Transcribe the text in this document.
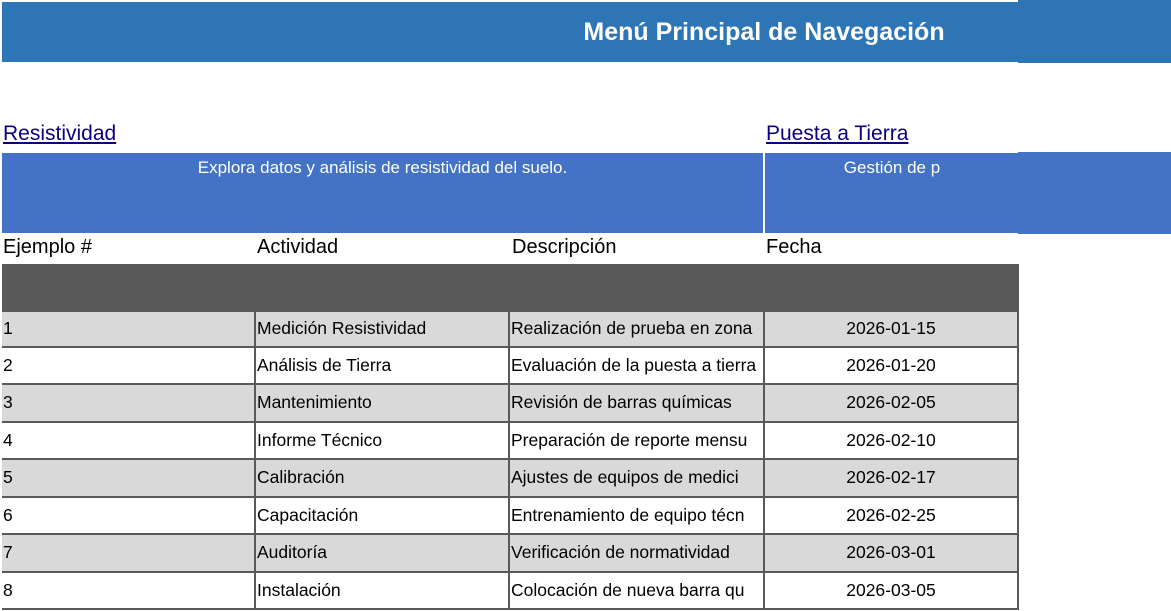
Menú Principal de Navegación
Resistividad	Puesta a Tierra
Explora datos y análisis de resistividad del suelo.	Gestión de p
Ejemplo #	Actividad	Descripción	Fecha
1	Medición Resistividad	Realización de prueba en zona	2026-01-15
2	Análisis de Tierra	Evaluación de la puesta a tierra	2026-01-20
3	Mantenimiento	Revisión de barras químicas	2026-02-05
4	Informe Técnico	Preparación de reporte mensu	2026-02-10
5	Calibración	Ajustes de equipos de medici	2026-02-17
6	Capacitación	Entrenamiento de equipo técn	2026-02-25
7	Auditoría	Verificación de normatividad	2026-03-01
8	Instalación	Colocación de nueva barra qu	2026-03-05
